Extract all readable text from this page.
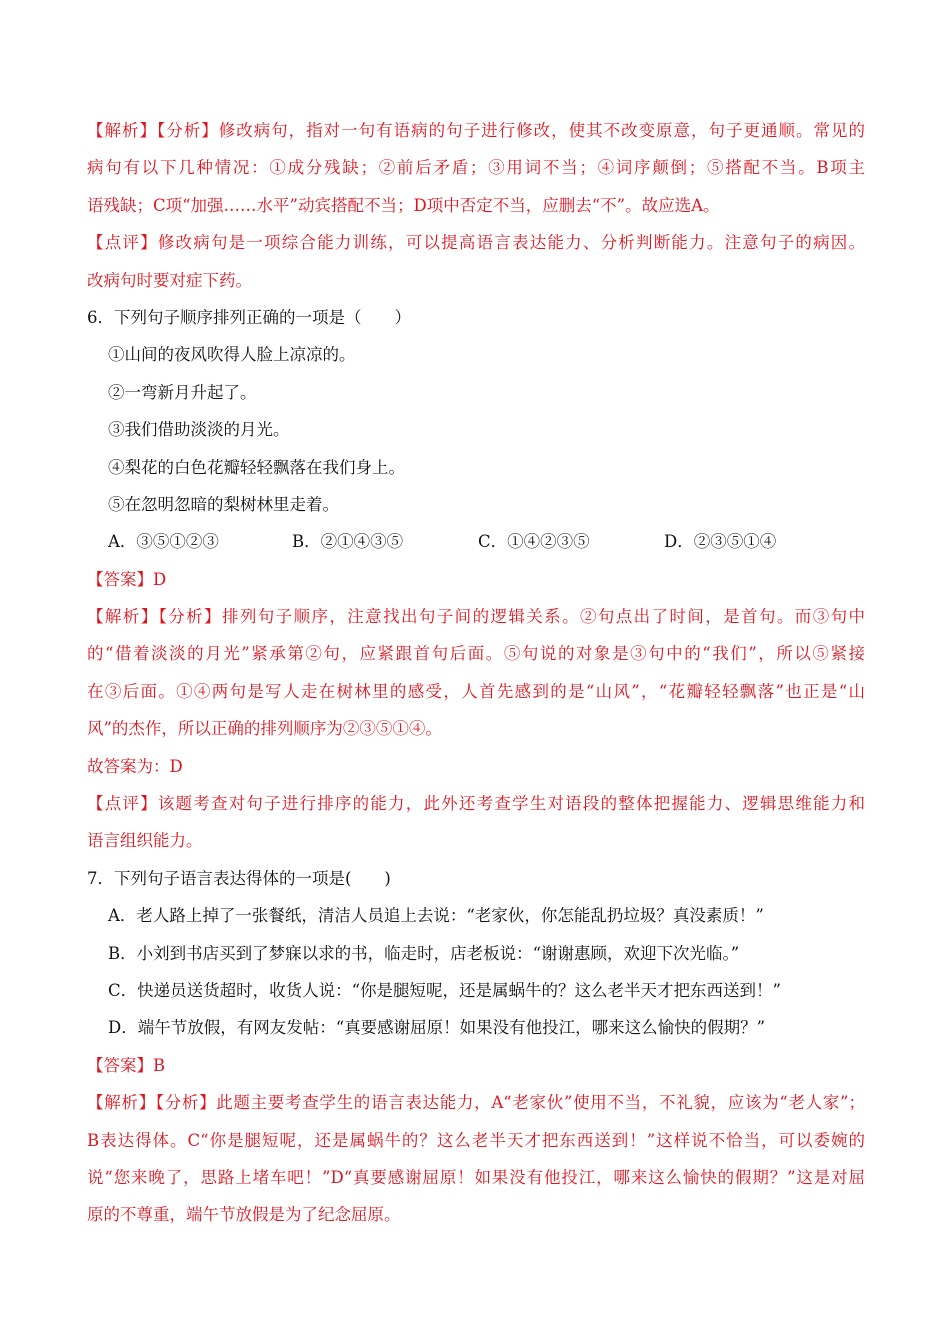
【解析】【分析】修改病句，指对一句有语病的句子进行修改，使其不改变原意，句子更通顺。常见的
病句有以下几种情况：①成分残缺；②前后矛盾；③用词不当；④词序颠倒；⑤搭配不当。B项主
语残缺；C项“加强……水平”动宾搭配不当；D项中否定不当，应删去“不”。故应选A。
【点评】修改病句是一项综合能力训练，可以提高语言表达能力、分析判断能力。注意句子的病因。
改病句时要对症下药。
6．下列句子顺序排列正确的一项是（　　）
①山间的夜风吹得人脸上凉凉的。
②一弯新月升起了。
③我们借助淡淡的月光。
④梨花的白色花瓣轻轻飘落在我们身上。
⑤在忽明忽暗的梨树林里走着。
A．③⑤①②③	B．②①④③⑤	C．①④②③⑤	D．②③⑤①④
【答案】D
【解析】【分析】排列句子顺序，注意找出句子间的逻辑关系。②句点出了时间，是首句。而③句中
的“借着淡淡的月光”紧承第②句，应紧跟首句后面。⑤句说的对象是③句中的“我们”，所以⑤紧接
在③后面。①④两句是写人走在树林里的感受，人首先感到的是“山风”，“花瓣轻轻飘落”也正是“山
风”的杰作，所以正确的排列顺序为②③⑤①④。
故答案为：D
【点评】该题考查对句子进行排序的能力，此外还考查学生对语段的整体把握能力、逻辑思维能力和
语言组织能力。
7．下列句子语言表达得体的一项是(　　)
A．老人路上掉了一张餐纸，清洁人员追上去说：“老家伙，你怎能乱扔垃圾？真没素质！”
B．小刘到书店买到了梦寐以求的书，临走时，店老板说：“谢谢惠顾，欢迎下次光临。”
C．快递员送货超时，收货人说：“你是腿短呢，还是属蜗牛的？这么老半天才把东西送到！”
D．端午节放假，有网友发帖：“真要感谢屈原！如果没有他投江，哪来这么愉快的假期？”
【答案】B
【解析】【分析】此题主要考查学生的语言表达能力，A“老家伙”使用不当，不礼貌，应该为“老人家”；
B表达得体。C“你是腿短呢，还是属蜗牛的？这么老半天才把东西送到！”这样说不恰当，可以委婉的
说“您来晚了，思路上堵车吧！”D“真要感谢屈原！如果没有他投江，哪来这么愉快的假期？”这是对屈
原的不尊重，端午节放假是为了纪念屈原。
